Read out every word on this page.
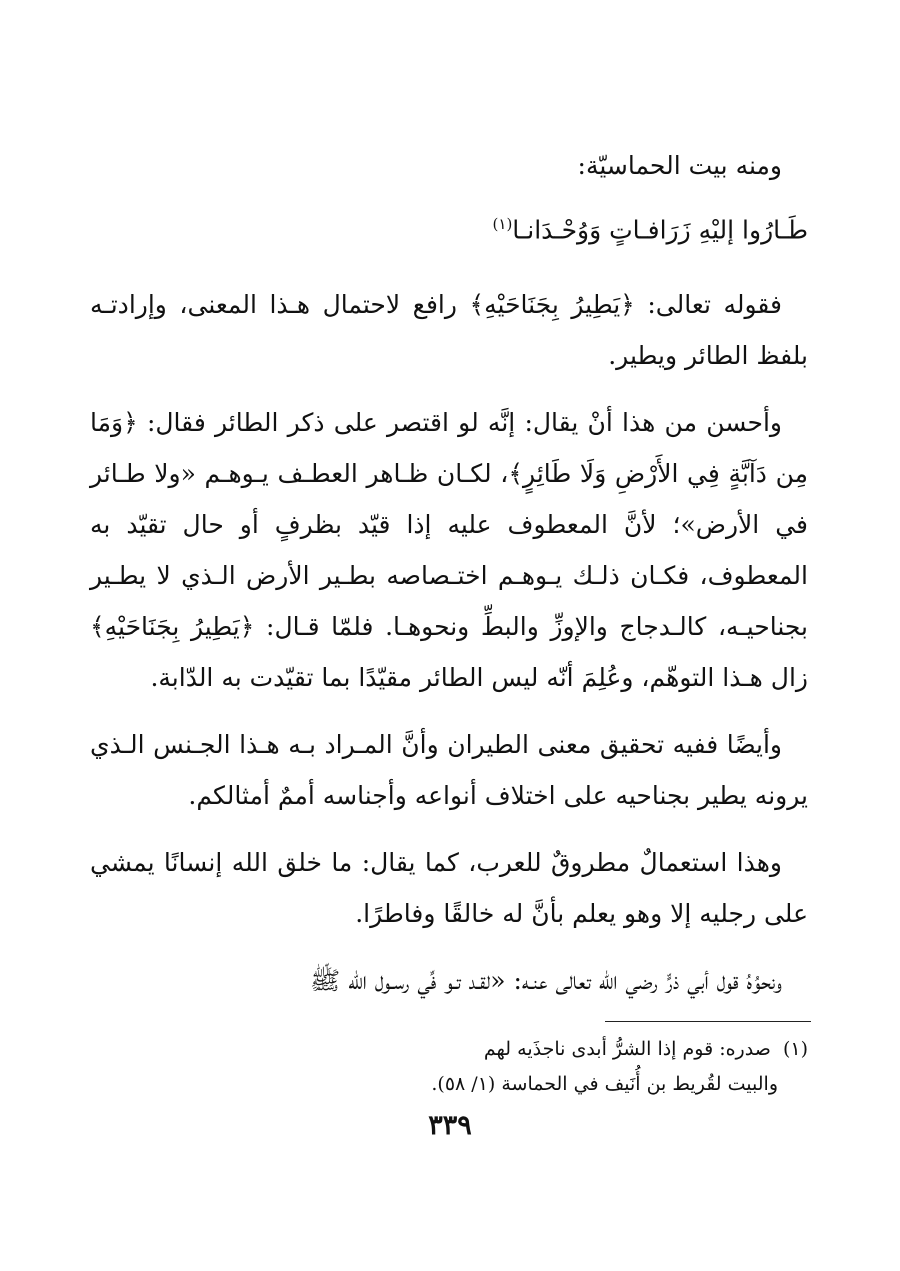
ومنه بيت الحماسيّة:

طَـارُوا إليْهِ زَرَافـاتٍ وَوُحْـدَانـا$^{(١)}$

فقوله تعالى: ﴿يَطِيرُ بِجَنَاحَيْهِ﴾ رافع لاحتمال هـذا المعنى، وإرادتـه بلفظ الطائر ويطير.

وأحسن من هذا أنْ يقال: إنَّه لو اقتصر على ذكر الطائر فقال: ﴿وَمَا مِن دَآبَّةٍ فِي الأَرْضِ وَلَا طَائِرٍ﴾، لكـان ظـاهر العطـف يـوهـم «ولا طـائر في الأرض»؛ لأنَّ المعطوف عليه إذا قيّد بظرفٍ أو حال تقيّد به المعطوف، فكـان ذلـك يـوهـم اختـصاصه بطـير الأرض الـذي لا يطـير بجناحيـه، كالـدجاج والإوزِّ والبطِّ ونحوهـا. فلمّا قـال: ﴿يَطِيرُ بِجَنَاحَيْهِ﴾ زال هـذا التوهّم، وعُلِمَ أنّه ليس الطائر مقيّدًا بما تقيّدت به الدّابة.

وأيضًا ففيه تحقيق معنى الطيران وأنَّ المـراد بـه هـذا الجـنس الـذي يرونه يطير بجناحيه على اختلاف أنواعه وأجناسه أممٌ أمثالكم.

وهذا استعمالٌ مطروقٌ للعرب، كما يقال: ما خلق الله إنسانًا يمشي على رجليه إلا وهو يعلم بأنَّ له خالقًا وفاطرًا.

ونحوُهُ قول أبي ذرٍّ رضي الله تعالى عنـه: «لقـد تـو فِّي رسـول الله ﷺ

(١)  صدره: قوم إذا الشرُّ أبدى ناجذَيه لهم
والبيت لقُريط بن أُنَيف في الحماسة (١/ ٥٨).
٣٣٩
